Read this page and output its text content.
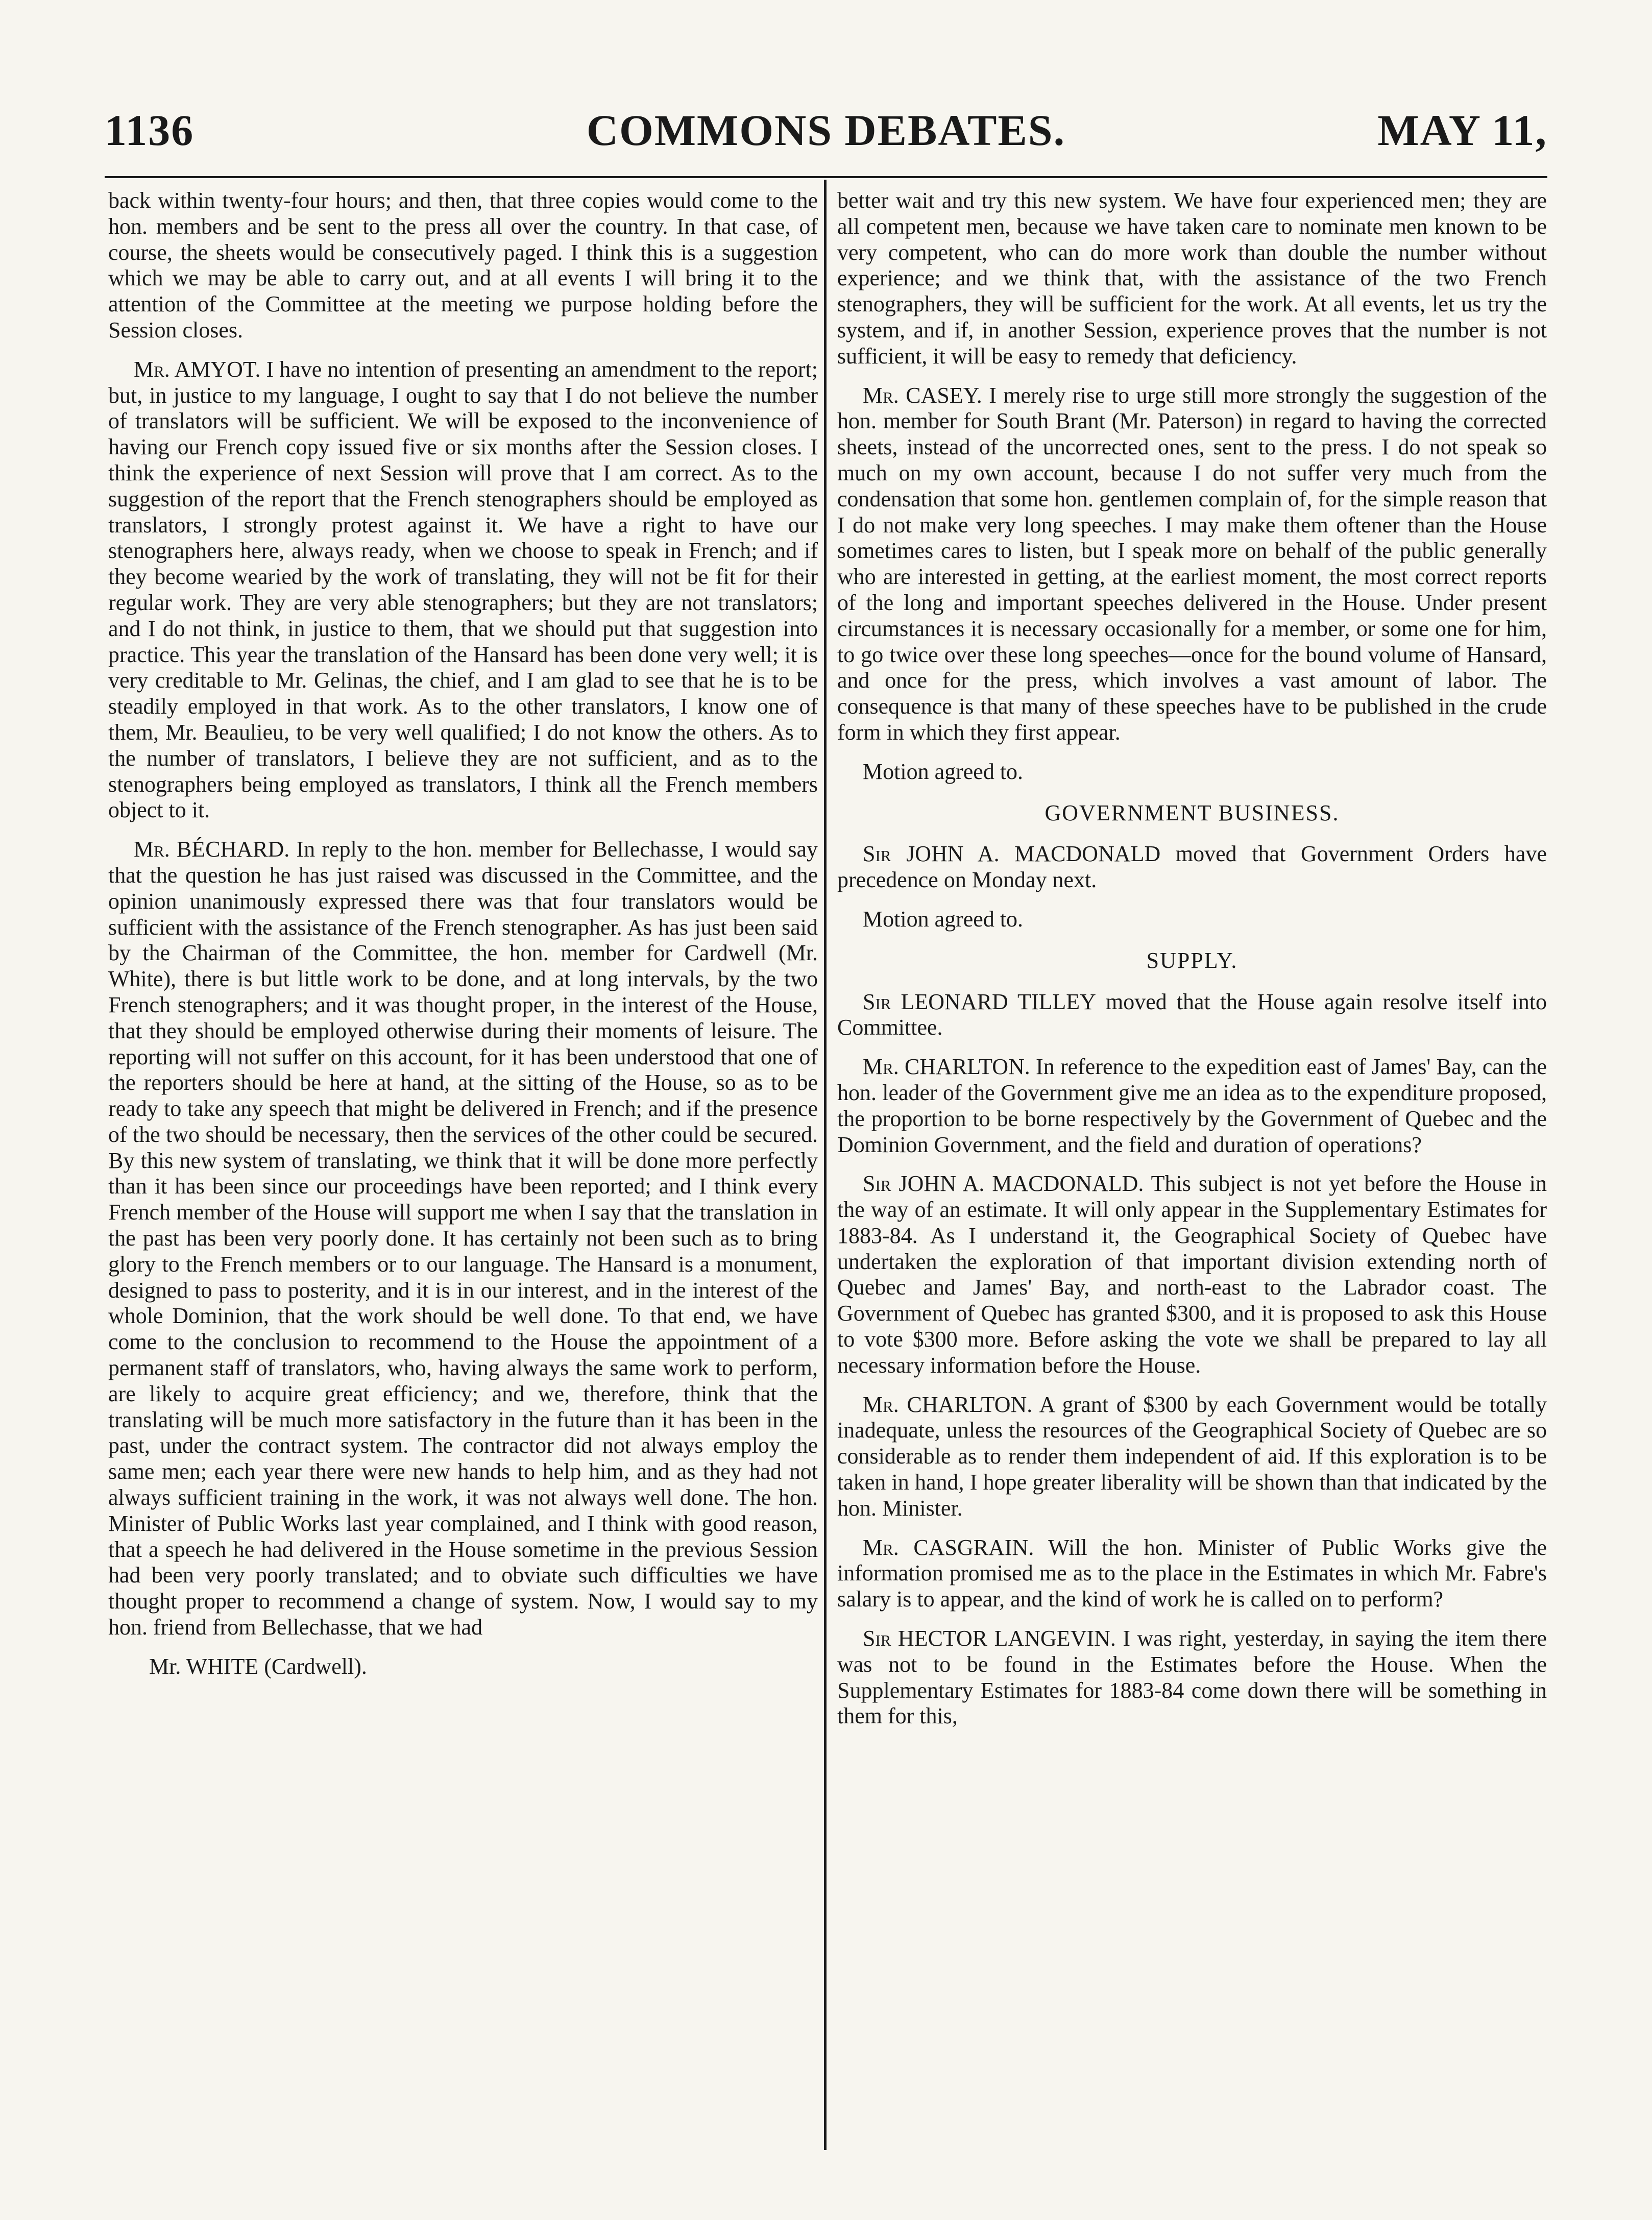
1136	COMMONS DEBATES.	MAY 11,

back within twenty-four hours; and then, that three copies would come to the hon. members and be sent to the press all over the country. In that case, of course, the sheets would be consecutively paged. I think this is a suggestion which we may be able to carry out, and at all events I will bring it to the attention of the Committee at the meeting we purpose holding before the Session closes.

Mr. AMYOT. I have no intention of presenting an amendment to the report; but, in justice to my language, I ought to say that I do not believe the number of translators will be sufficient. We will be exposed to the inconvenience of having our French copy issued five or six months after the Session closes. I think the experience of next Session will prove that I am correct. As to the suggestion of the report that the French stenographers should be employed as translators, I strongly protest against it. We have a right to have our stenographers here, always ready, when we choose to speak in French; and if they become wearied by the work of translating, they will not be fit for their regular work. They are very able stenographers; but they are not translators; and I do not think, in justice to them, that we should put that suggestion into practice. This year the translation of the Hansard has been done very well; it is very creditable to Mr. Gelinas, the chief, and I am glad to see that he is to be steadily employed in that work. As to the other translators, I know one of them, Mr. Beaulieu, to be very well qualified; I do not know the others. As to the number of translators, I believe they are not sufficient, and as to the stenographers being employed as translators, I think all the French members object to it.

Mr. BÉCHARD. In reply to the hon. member for Bellechasse, I would say that the question he has just raised was discussed in the Committee, and the opinion unanimously expressed there was that four translators would be sufficient with the assistance of the French stenographer. As has just been said by the Chairman of the Committee, the hon. member for Cardwell (Mr. White), there is but little work to be done, and at long intervals, by the two French stenographers; and it was thought proper, in the interest of the House, that they should be employed otherwise during their moments of leisure. The reporting will not suffer on this account, for it has been understood that one of the reporters should be here at hand, at the sitting of the House, so as to be ready to take any speech that might be delivered in French; and if the presence of the two should be necessary, then the services of the other could be secured. By this new system of translating, we think that it will be done more perfectly than it has been since our proceedings have been reported; and I think every French member of the House will support me when I say that the translation in the past has been very poorly done. It has certainly not been such as to bring glory to the French members or to our language. The Hansard is a monument, designed to pass to posterity, and it is in our interest, and in the interest of the whole Dominion, that the work should be well done. To that end, we have come to the conclusion to recommend to the House the appointment of a permanent staff of translators, who, having always the same work to perform, are likely to acquire great efficiency; and we, therefore, think that the translating will be much more satisfactory in the future than it has been in the past, under the contract system. The contractor did not always employ the same men; each year there were new hands to help him, and as they had not always sufficient training in the work, it was not always well done. The hon. Minister of Public Works last year complained, and I think with good reason, that a speech he had delivered in the House sometime in the previous Session had been very poorly translated; and to obviate such difficulties we have thought proper to recommend a change of system. Now, I would say to my hon. friend from Bellechasse, that we had

Mr. WHITE (Cardwell).

better wait and try this new system. We have four experienced men; they are all competent men, because we have taken care to nominate men known to be very competent, who can do more work than double the number without experience; and we think that, with the assistance of the two French stenographers, they will be sufficient for the work. At all events, let us try the system, and if, in another Session, experience proves that the number is not sufficient, it will be easy to remedy that deficiency.

Mr. CASEY. I merely rise to urge still more strongly the suggestion of the hon. member for South Brant (Mr. Paterson) in regard to having the corrected sheets, instead of the uncorrected ones, sent to the press. I do not speak so much on my own account, because I do not suffer very much from the condensation that some hon. gentlemen complain of, for the simple reason that I do not make very long speeches. I may make them oftener than the House sometimes cares to listen, but I speak more on behalf of the public generally who are interested in getting, at the earliest moment, the most correct reports of the long and important speeches delivered in the House. Under present circumstances it is necessary occasionally for a member, or some one for him, to go twice over these long speeches—once for the bound volume of Hansard, and once for the press, which involves a vast amount of labor. The consequence is that many of these speeches have to be published in the crude form in which they first appear.

Motion agreed to.

GOVERNMENT BUSINESS.

Sir JOHN A. MACDONALD moved that Government Orders have precedence on Monday next.

Motion agreed to.

SUPPLY.

Sir LEONARD TILLEY moved that the House again resolve itself into Committee.

Mr. CHARLTON. In reference to the expedition east of James' Bay, can the hon. leader of the Government give me an idea as to the expenditure proposed, the proportion to be borne respectively by the Government of Quebec and the Dominion Government, and the field and duration of operations?

Sir JOHN A. MACDONALD. This subject is not yet before the House in the way of an estimate. It will only appear in the Supplementary Estimates for 1883-84. As I understand it, the Geographical Society of Quebec have undertaken the exploration of that important division extending north of Quebec and James' Bay, and north-east to the Labrador coast. The Government of Quebec has granted $300, and it is proposed to ask this House to vote $300 more. Before asking the vote we shall be prepared to lay all necessary information before the House.

Mr. CHARLTON. A grant of $300 by each Government would be totally inadequate, unless the resources of the Geographical Society of Quebec are so considerable as to render them independent of aid. If this exploration is to be taken in hand, I hope greater liberality will be shown than that indicated by the hon. Minister.

Mr. CASGRAIN. Will the hon. Minister of Public Works give the information promised me as to the place in the Estimates in which Mr. Fabre's salary is to appear, and the kind of work he is called on to perform?

Sir HECTOR LANGEVIN. I was right, yesterday, in saying the item there was not to be found in the Estimates before the House. When the Supplementary Estimates for 1883-84 come down there will be something in them for this,
